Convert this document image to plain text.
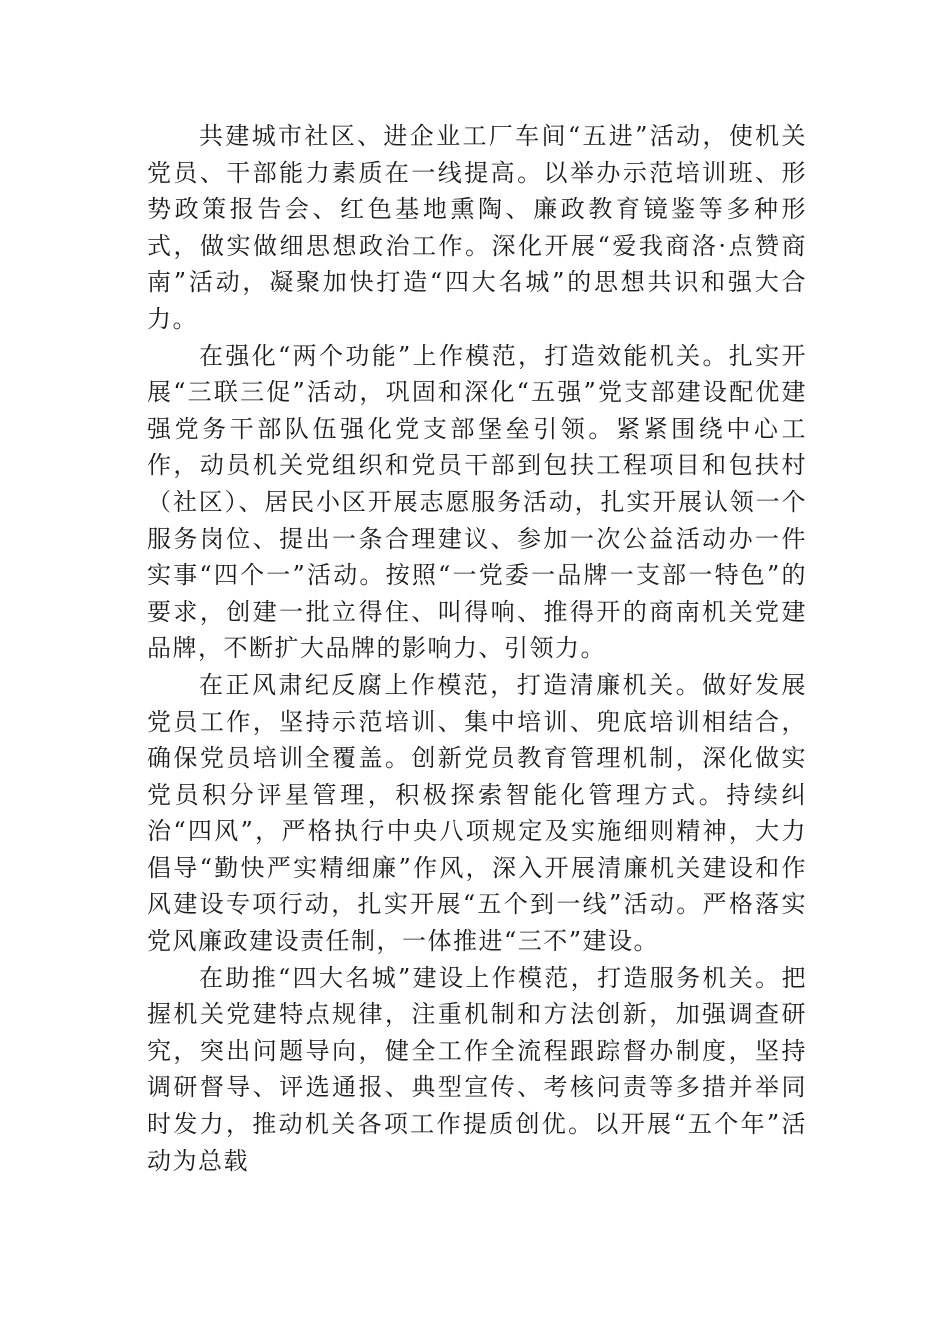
共建城市社区、进企业工厂车间“五进”活动，使机关党员、干部能力素质在一线提高。以举办示范培训班、形势政策报告会、红色基地熏陶、廉政教育镜鉴等多种形式，做实做细思想政治工作。深化开展“爱我商洛·点赞商南”活动，凝聚加快打造“四大名城”的思想共识和强大合力。

在强化“两个功能”上作模范，打造效能机关。扎实开展“三联三促”活动，巩固和深化“五强”党支部建设配优建强党务干部队伍强化党支部堡垒引领。紧紧围绕中心工作，动员机关党组织和党员干部到包扶工程项目和包扶村（社区）、居民小区开展志愿服务活动，扎实开展认领一个服务岗位、提出一条合理建议、参加一次公益活动办一件实事“四个一”活动。按照“一党委一品牌一支部一特色”的要求，创建一批立得住、叫得响、推得开的商南机关党建品牌，不断扩大品牌的影响力、引领力。

在正风肃纪反腐上作模范，打造清廉机关。做好发展党员工作，坚持示范培训、集中培训、兜底培训相结合，确保党员培训全覆盖。创新党员教育管理机制，深化做实党员积分评星管理，积极探索智能化管理方式。持续纠治“四风”，严格执行中央八项规定及实施细则精神，大力倡导“勤快严实精细廉”作风，深入开展清廉机关建设和作风建设专项行动，扎实开展“五个到一线”活动。严格落实党风廉政建设责任制，一体推进“三不”建设。

在助推“四大名城”建设上作模范，打造服务机关。把握机关党建特点规律，注重机制和方法创新，加强调查研究，突出问题导向，健全工作全流程跟踪督办制度，坚持调研督导、评选通报、典型宣传、考核问责等多措并举同时发力，推动机关各项工作提质创优。以开展“五个年”活动为总载
